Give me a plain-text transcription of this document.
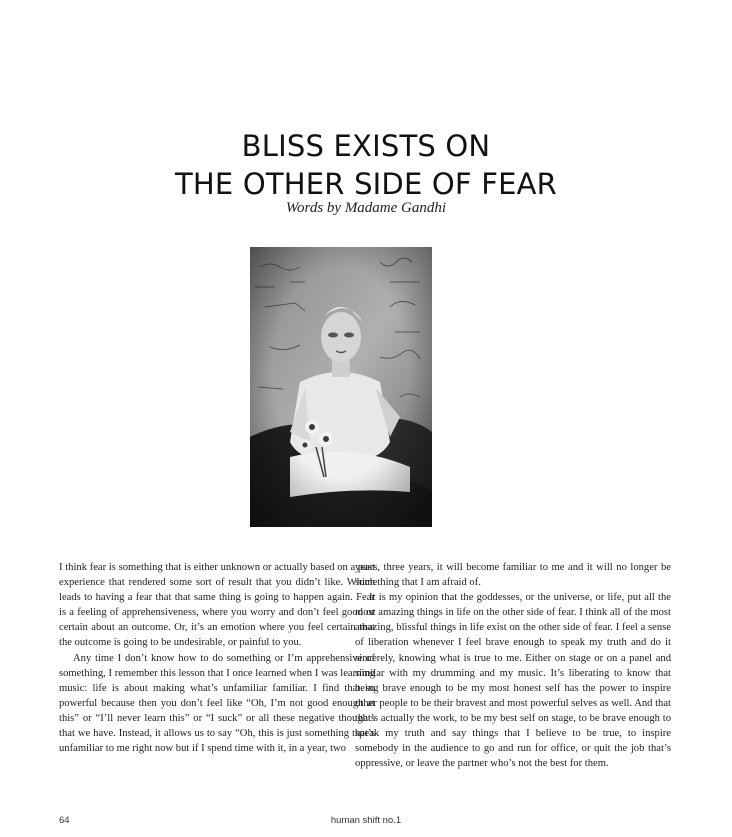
BLISS EXISTS ON
THE OTHER SIDE OF FEAR
Words by Madame Gandhi

I think fear is something that is either unknown or actually based on a past experience that rendered some sort of result that you didn’t like. Which leads to having a fear that that same thing is going to happen again. Fear is a feeling of apprehensiveness, where you worry and don’t feel good or certain about an outcome. Or, it’s an emotion where you feel certain that the outcome is going to be undesirable, or painful to you.

Any time I don’t know how to do something or I’m apprehensive of something, I remember this lesson that I once learned when I was learning music: life is about making what’s unfamiliar familiar. I find that so powerful because then you don’t feel like “Oh, I’m not good enough at this” or “I’ll never learn this” or “I suck” or all these negative thoughts that we have. Instead, it allows us to say “Oh, this is just something that’s unfamiliar to me right now but if I spend time with it, in a year, two

years, three years, it will become familiar to me and it will no longer be something that I am afraid of.

It is my opinion that the goddesses, or the universe, or life, put all the most amazing things in life on the other side of fear. I think all of the most amazing, blissful things in life exist on the other side of fear. I feel a sense of liberation whenever I feel brave enough to speak my truth and do it sincerely, knowing what is true to me. Either on stage or on a panel and similar with my drumming and my music. It’s liberating to know that being brave enough to be my most honest self has the power to inspire other people to be their bravest and most powerful selves as well. And that that’s actually the work, to be my best self on stage, to be brave enough to speak my truth and say things that I believe to be true, to inspire somebody in the audience to go and run for office, or quit the job that’s oppressive, or leave the partner who’s not the best for them.

64	human shift no.1
